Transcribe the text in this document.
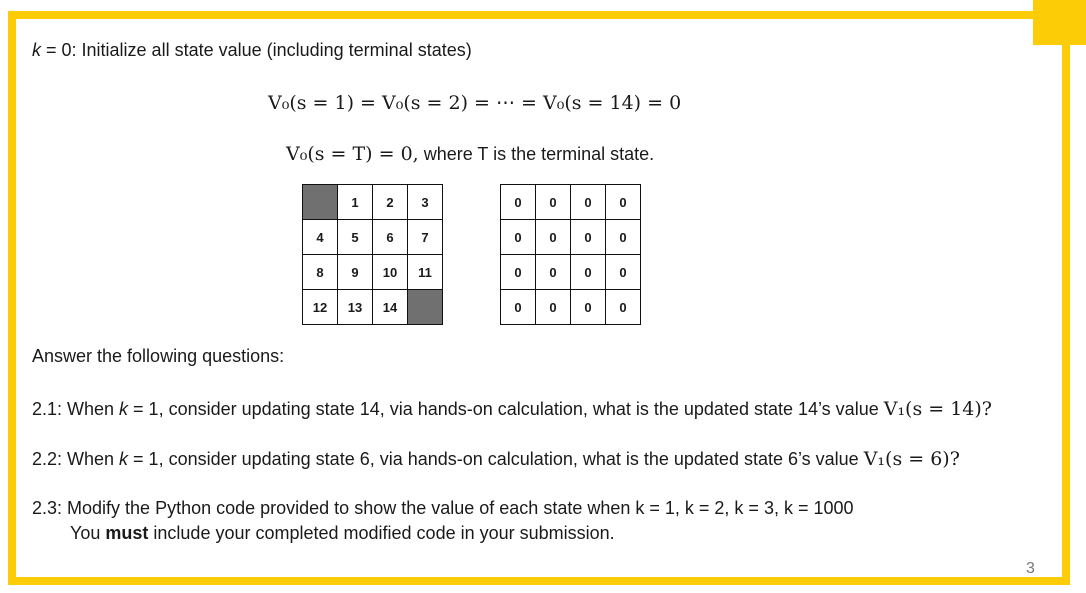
k = 0: Initialize all state value (including terminal states)
V₀(s = 1) = V₀(s = 2) = ⋯ = V₀(s = 14) = 0
V₀(s = T) = 0, where T is the terminal state.
	1	2	3
4	5	6	7
8	9	10	11
12	13	14	
0	0	0	0
0	0	0	0
0	0	0	0
0	0	0	0
Answer the following questions:
2.1: When k = 1, consider updating state 14, via hands-on calculation, what is the updated state 14’s value V₁(s = 14)?
2.2: When k = 1, consider updating state 6, via hands-on calculation, what is the updated state 6’s value V₁(s = 6)?
2.3: Modify the Python code provided to show the value of each state when k = 1, k = 2, k = 3, k = 1000
You must include your completed modified code in your submission.
3
